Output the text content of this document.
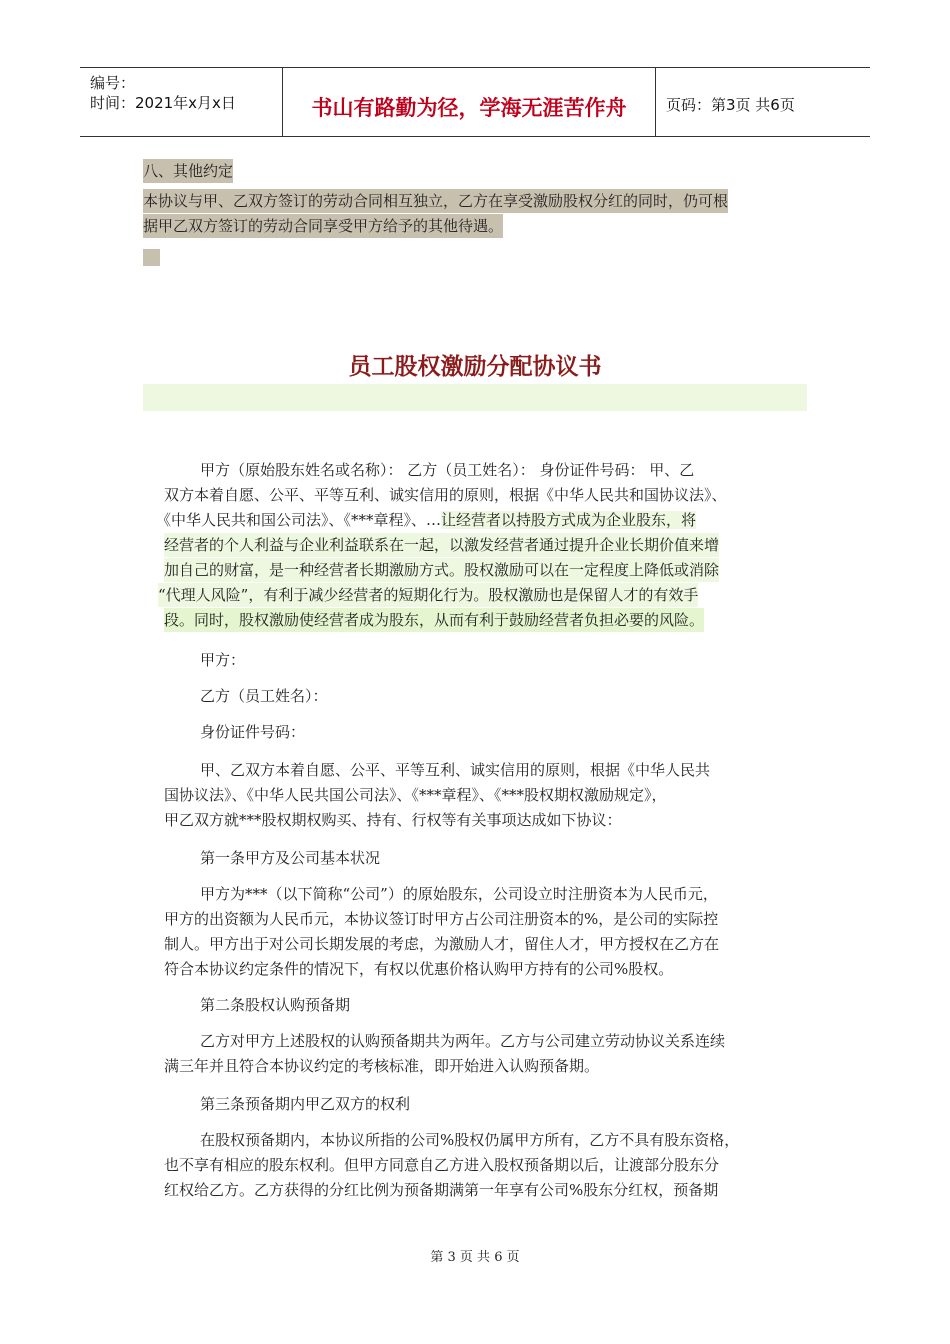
编号：
时间：2021年x月x日	书山有路勤为径，学海无涯苦作舟	页码：第3页 共6页
八、其他约定
本协议与甲、乙双方签订的劳动合同相互独立，乙方在享受激励股权分红的同时，仍可根
据甲乙双方签订的劳动合同享受甲方给予的其他待遇。
员工股权激励分配协议书
甲方（原始股东姓名或名称）： 乙方（员工姓名）： 身份证件号码： 甲、乙
双方本着自愿、公平、平等互利、诚实信用的原则，根据《中华人民共和国协议法》、
《中华人民共和国公司法》、《***章程》、…让经营者以持股方式成为企业股东，将
经营者的个人利益与企业利益联系在一起，以激发经营者通过提升企业长期价值来增
加自己的财富，是一种经营者长期激励方式。股权激励可以在一定程度上降低或消除
“代理人风险”，有利于减少经营者的短期化行为。股权激励也是保留人才的有效手
段。同时，股权激励使经营者成为股东，从而有利于鼓励经营者负担必要的风险。
甲方：
乙方（员工姓名）：
身份证件号码：
甲、乙双方本着自愿、公平、平等互利、诚实信用的原则，根据《中华人民共
国协议法》、《中华人民共国公司法》、《***章程》、《***股权期权激励规定》，
甲乙双方就***股权期权购买、持有、行权等有关事项达成如下协议：
第一条甲方及公司基本状况
甲方为***（以下简称“公司”）的原始股东，公司设立时注册资本为人民币元，
甲方的出资额为人民币元，本协议签订时甲方占公司注册资本的%，是公司的实际控
制人。甲方出于对公司长期发展的考虑，为激励人才，留住人才，甲方授权在乙方在
符合本协议约定条件的情况下，有权以优惠价格认购甲方持有的公司%股权。
第二条股权认购预备期
乙方对甲方上述股权的认购预备期共为两年。乙方与公司建立劳动协议关系连续
满三年并且符合本协议约定的考核标准，即开始进入认购预备期。
第三条预备期内甲乙双方的权利
在股权预备期内，本协议所指的公司%股权仍属甲方所有，乙方不具有股东资格，
也不享有相应的股东权利。但甲方同意自乙方进入股权预备期以后，让渡部分股东分
红权给乙方。乙方获得的分红比例为预备期满第一年享有公司%股东分红权，预备期
第 3 页 共 6 页
